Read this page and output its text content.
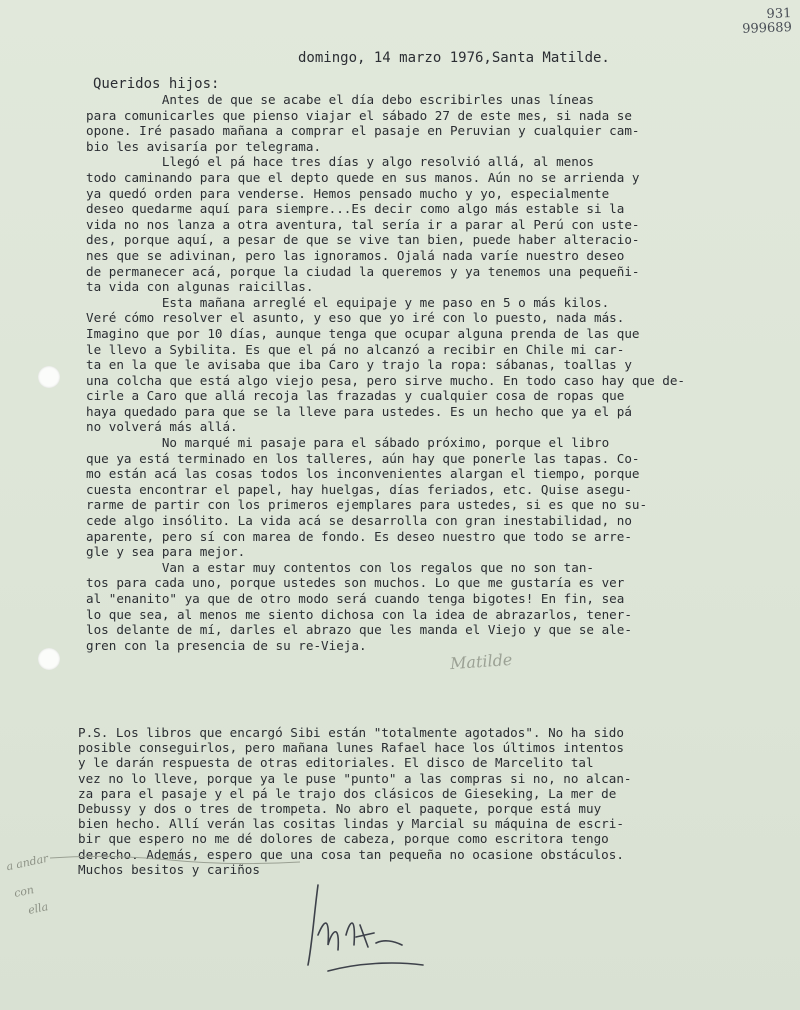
931
999689
domingo, 14 marzo 1976,Santa Matilde.
Queridos hijos:

Antes de que se acabe el día debo escribirles unas líneas
para comunicarles que pienso viajar el sábado 27 de este mes, si nada se
opone. Iré pasado mañana a comprar el pasaje en Peruvian y cualquier cam-
bio les avisaría por telegrama.

Llegó el pá hace tres días y algo resolvió allá, al menos
todo caminando para que el depto quede en sus manos. Aún no se arrienda y
ya quedó orden para venderse. Hemos pensado mucho y yo, especialmente
deseo quedarme aquí para siempre...Es decir como algo más estable si la
vida no nos lanza a otra aventura, tal sería ir a parar al Perú con uste-
des, porque aquí, a pesar de que se vive tan bien, puede haber alteracio-
nes que se adivinan, pero las ignoramos. Ojalá nada varíe nuestro deseo
de permanecer acá, porque la ciudad la queremos y ya tenemos una pequeñi-
ta vida con algunas raicillas.

Esta mañana arreglé el equipaje y me paso en 5 o más kilos.
Veré cómo resolver el asunto, y eso que yo iré con lo puesto, nada más.
Imagino que por 10 días, aunque tenga que ocupar alguna prenda de las que
le llevo a Sybilita. Es que el pá no alcanzó a recibir en Chile mi car-
ta en la que le avisaba que iba Caro y trajo la ropa: sábanas, toallas y
una colcha que está algo viejo pesa, pero sirve mucho. En todo caso hay que de-
cirle a Caro que allá recoja las frazadas y cualquier cosa de ropas que
haya quedado para que se la lleve para ustedes. Es un hecho que ya el pá
no volverá más allá.

No marqué mi pasaje para el sábado próximo, porque el libro
que ya está terminado en los talleres, aún hay que ponerle las tapas. Co-
mo están acá las cosas todos los inconvenientes alargan el tiempo, porque
cuesta encontrar el papel, hay huelgas, días feriados, etc. Quise asegu-
rarme de partir con los primeros ejemplares para ustedes, si es que no su-
cede algo insólito. La vida acá se desarrolla con gran inestabilidad, no
aparente, pero sí con marea de fondo. Es deseo nuestro que todo se arre-
gle y sea para mejor.

Van a estar muy contentos con los regalos que no son tan-
tos para cada uno, porque ustedes son muchos. Lo que me gustaría es ver
al "enanito" ya que de otro modo será cuando tenga bigotes! En fin, sea
lo que sea, al menos me siento dichosa con la idea de abrazarlos, tener-
los delante de mí, darles el abrazo que les manda el Viejo y que se ale-
gren con la presencia de su re-Vieja.

Matilde

P.S. Los libros que encargó Sibi están "totalmente agotados". No ha sido
posible conseguirlos, pero mañana lunes Rafael hace los últimos intentos
y le darán respuesta de otras editoriales. El disco de Marcelito tal
vez no lo lleve, porque ya le puse "punto" a las compras si no, no alcan-
za para el pasaje y el pá le trajo dos clásicos de Gieseking, La mer de
Debussy y dos o tres de trompeta. No abro el paquete, porque está muy
bien hecho. Allí verán las cositas lindas y Marcial su máquina de escri-
bir que espero no me dé dolores de cabeza, porque como escritora tengo
derecho. Además, espero que una cosa tan pequeña no ocasione obstáculos.
Muchos besitos y cariños

a andar
con
ella
